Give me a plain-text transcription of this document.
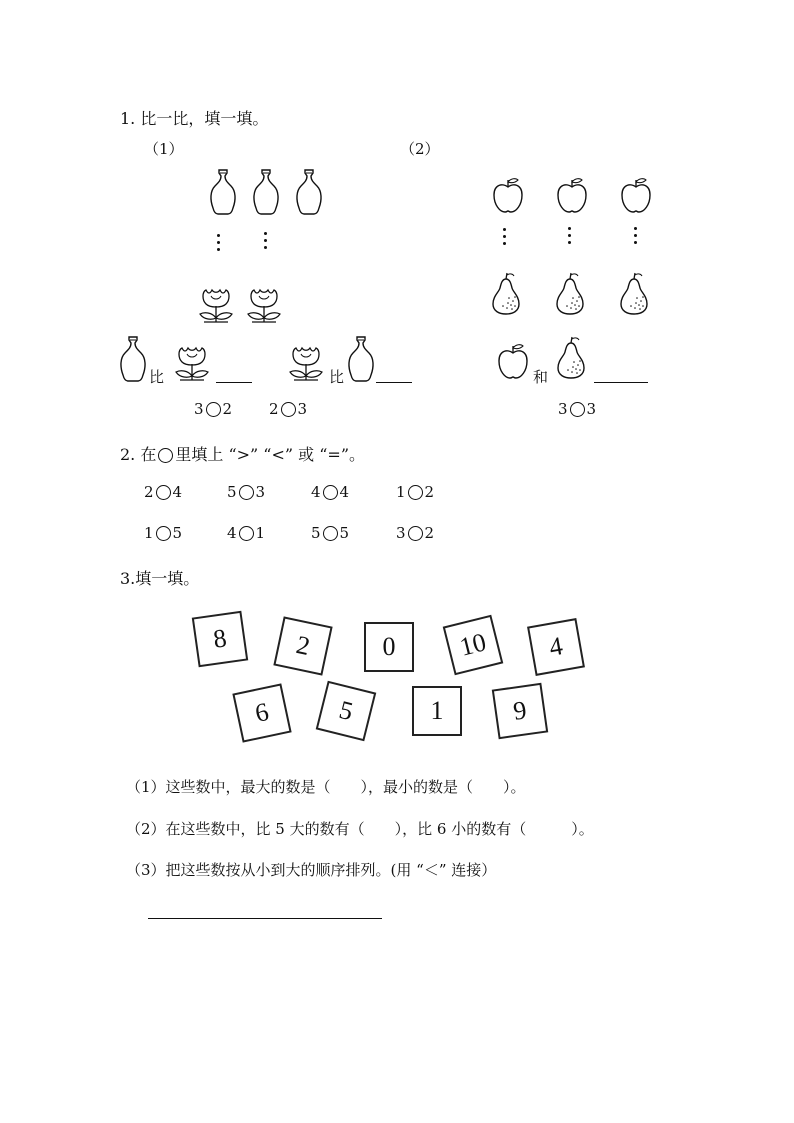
1. 比一比，填一填。
（1）	（2）
比	比
3 2 2 3
和
3 3
2. 在 里填上 “>” “<” 或 “=”。
2 4	5 3	4 4	1 2
1 5	4 1	5 5	3 2
3.填一填。
8	2	0	10	4
6	5	1	9
（1）这些数中，最大的数是（　　），最小的数是（　　）。
（2）在这些数中，比 5 大的数有（　　），比 6 小的数有（　　　）。
（3）把这些数按从小到大的顺序排列。(用 “＜” 连接）
